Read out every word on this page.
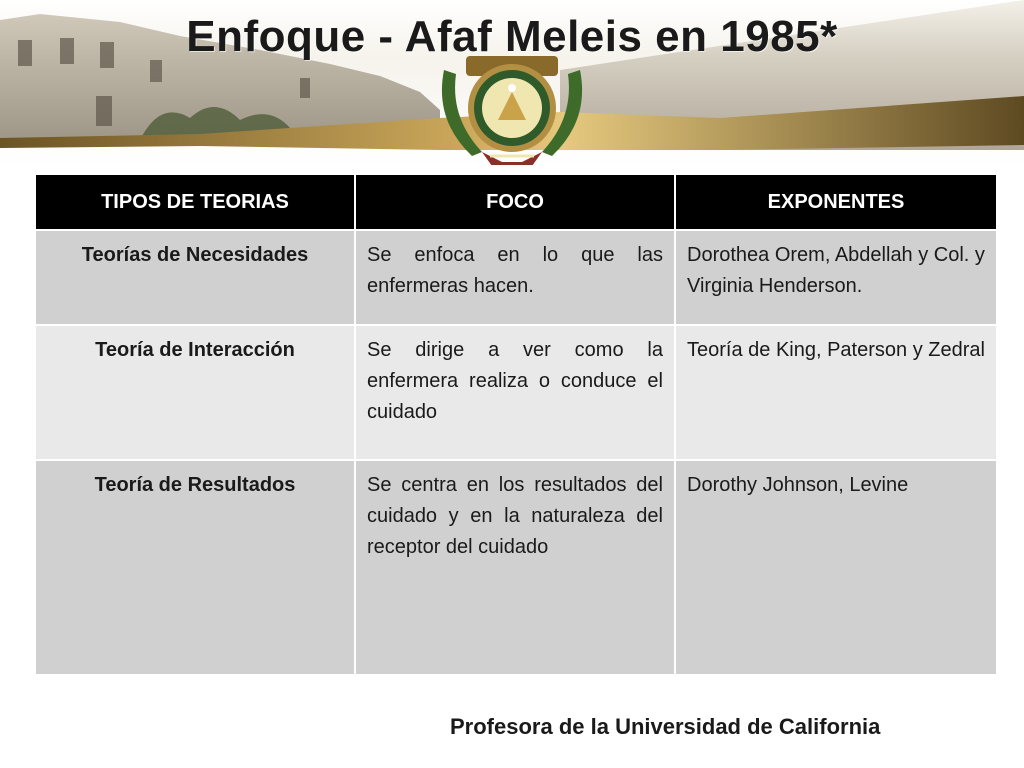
Enfoque - Afaf Meleis en 1985*
TIPOS DE TEORIAS	FOCO	EXPONENTES
Teorías de Necesidades	Se enfoca en lo que las enfermeras hacen.	Dorothea Orem, Abdellah y Col. y Virginia Henderson.
Teoría de Interacción	Se dirige a ver como la enfermera realiza o conduce el cuidado	Teoría de King, Paterson y Zedral
Teoría de Resultados	Se centra en los resultados del cuidado y en la naturaleza del receptor del cuidado	Dorothy Johnson, Levine
Profesora de la Universidad de California
